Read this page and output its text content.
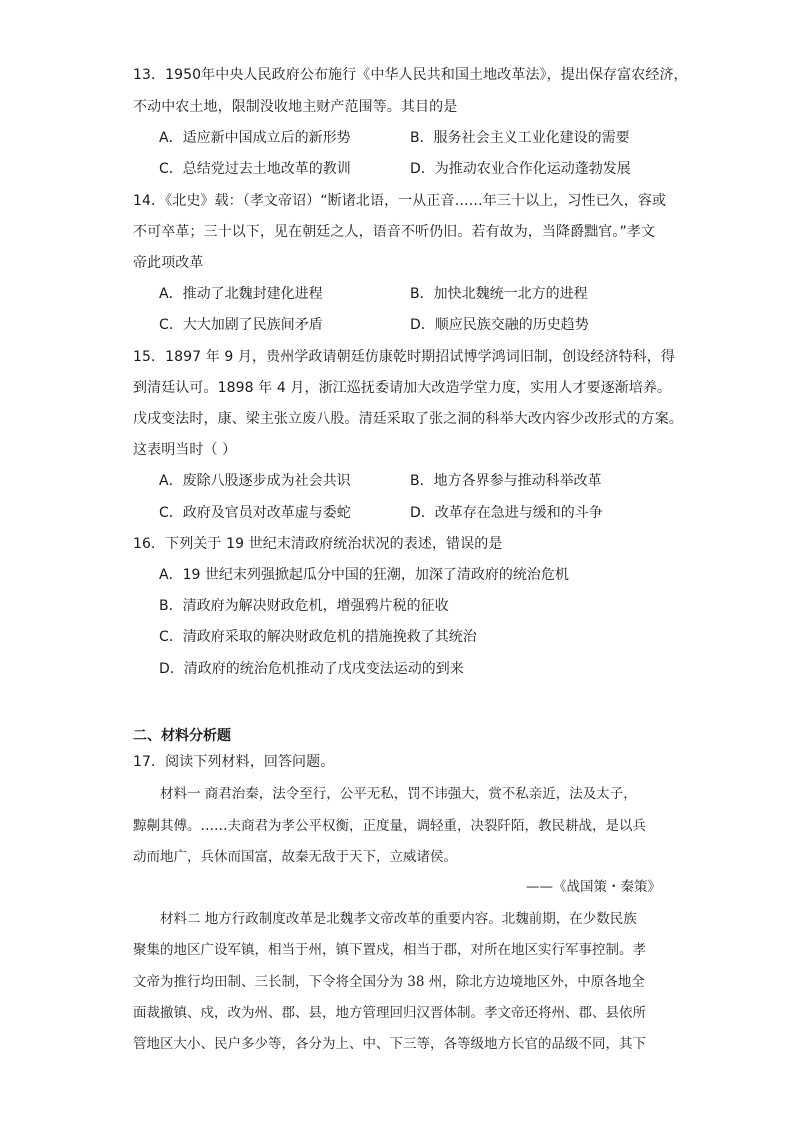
13．1950年中央人民政府公布施行《中华人民共和国土地改革法》，提出保存富农经济，
不动中农土地，限制没收地主财产范围等。其目的是
A．适应新中国成立后的新形势	B．服务社会主义工业化建设的需要
C．总结党过去土地改革的教训	D．为推动农业合作化运动蓬勃发展
14．《北史》载：（孝文帝诏）“断诸北语，一从正音……年三十以上，习性已久，容或
不可卒革；三十以下，见在朝廷之人，语音不听仍旧。若有故为，当降爵黜官。”孝文
帝此项改革
A．推动了北魏封建化进程	B．加快北魏统一北方的进程
C．大大加剧了民族间矛盾	D．顺应民族交融的历史趋势
15．1897 年 9 月，贵州学政请朝廷仿康乾时期招试博学鸿词旧制，创设经济特科，得
到清廷认可。1898 年 4 月，浙江巡抚委请加大改造学堂力度，实用人才要逐渐培养。
戊戌变法时，康、梁主张立废八股。清廷采取了张之洞的科举大改内容少改形式的方案。
这表明当时（ ）
A．废除八股逐步成为社会共识	B．地方各界参与推动科举改革
C．政府及官员对改革虚与委蛇	D．改革存在急进与缓和的斗争
16．下列关于 19 世纪末清政府统治状况的表述，错误的是
A．19 世纪末列强掀起瓜分中国的狂潮，加深了清政府的统治危机
B．清政府为解决财政危机，增强鸦片税的征收
C．清政府采取的解决财政危机的措施挽救了其统治
D．清政府的统治危机推动了戊戌变法运动的到来
二、材料分析题
17．阅读下列材料，回答问题。
材料一 商君治秦，法令至行，公平无私，罚不讳强大，赏不私亲近，法及太子，
黥劓其傅。……夫商君为孝公平权衡，正度量，调轻重，决裂阡陌，教民耕战，是以兵
动而地广，兵休而国富，故秦无敌于天下，立威诸侯。
——《战国策・秦策》
材料二 地方行政制度改革是北魏孝文帝改革的重要内容。北魏前期，在少数民族
聚集的地区广设军镇，相当于州，镇下置戍，相当于郡，对所在地区实行军事控制。孝
文帝为推行均田制、三长制，下令将全国分为 38 州，除北方边境地区外，中原各地全
面裁撤镇、戍，改为州、郡、县，地方管理回归汉晋体制。孝文帝还将州、郡、县依所
管地区大小、民户多少等，各分为上、中、下三等，各等级地方长官的品级不同，其下
